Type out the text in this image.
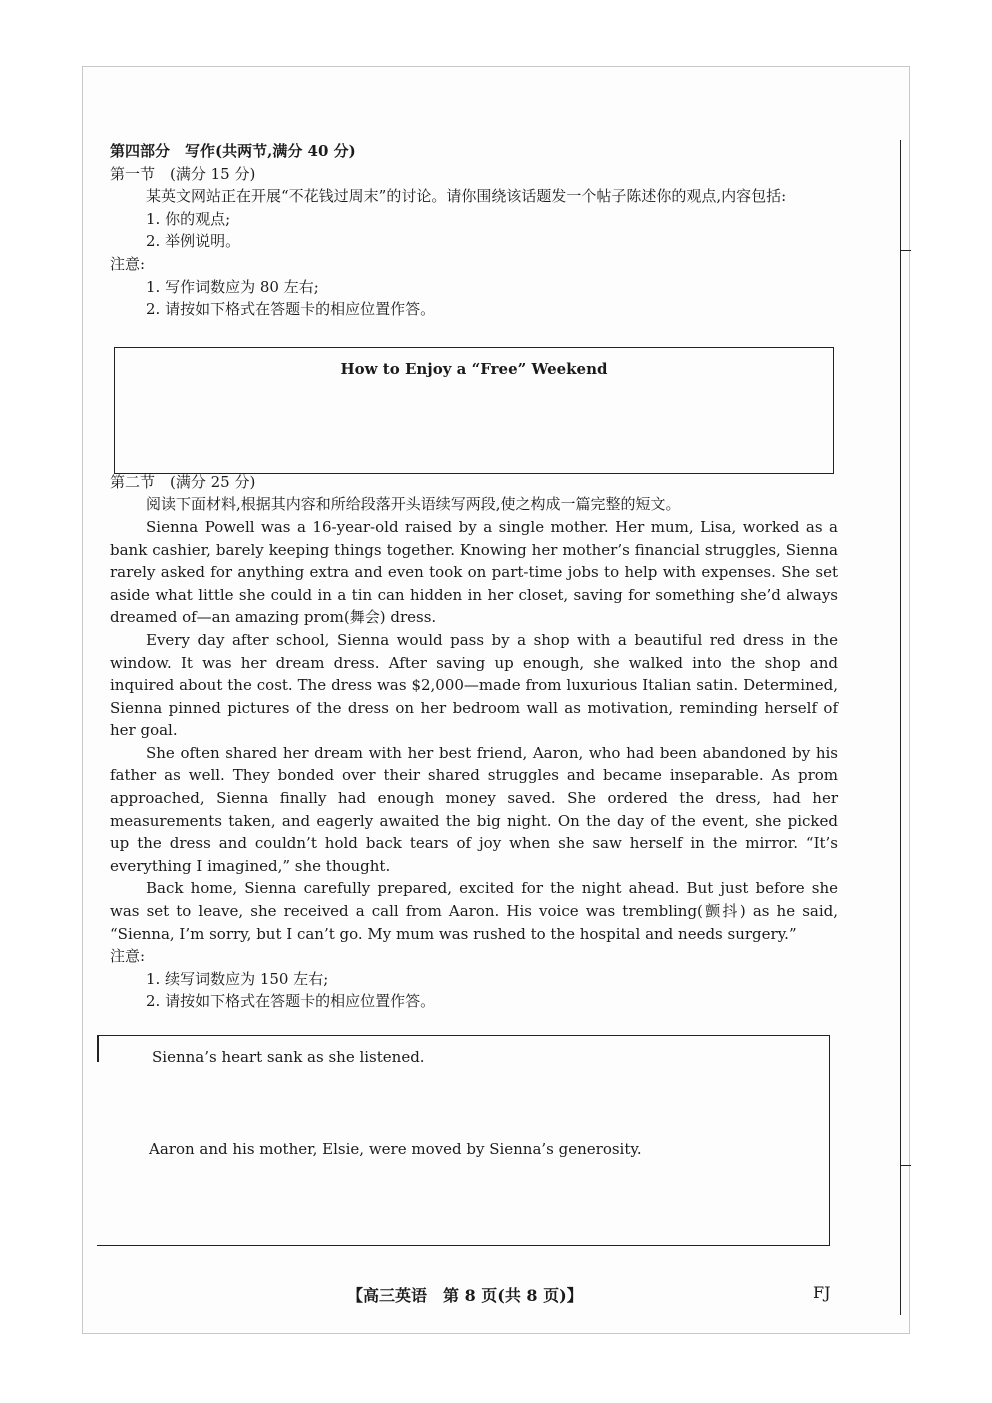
第四部分　写作(共两节,满分 40 分)

第一节　(满分 15 分)

某英文网站正在开展“不花钱过周末”的讨论。请你围绕该话题发一个帖子陈述你的观点,内容包括:

1. 你的观点;

2. 举例说明。

注意:

1. 写作词数应为 80 左右;

2. 请按如下格式在答题卡的相应位置作答。

第二节　(满分 25 分)

阅读下面材料,根据其内容和所给段落开头语续写两段,使之构成一篇完整的短文。

Sienna Powell was a 16-year-old raised by a single mother. Her mum, Lisa, worked as a bank cashier, barely keeping things together. Knowing her mother’s financial struggles, Sienna rarely asked for anything extra and even took on part-time jobs to help with expenses. She set aside what little she could in a tin can hidden in her closet, saving for something she’d always dreamed of—an amazing prom(舞会) dress.

Every day after school, Sienna would pass by a shop with a beautiful red dress in the window. It was her dream dress. After saving up enough, she walked into the shop and inquired about the cost. The dress was $2,000—made from luxurious Italian satin. Determined, Sienna pinned pictures of the dress on her bedroom wall as motivation, reminding herself of her goal.

She often shared her dream with her best friend, Aaron, who had been abandoned by his father as well. They bonded over their shared struggles and became inseparable. As prom approached, Sienna finally had enough money saved. She ordered the dress, had her measurements taken, and eagerly awaited the big night. On the day of the event, she picked up the dress and couldn’t hold back tears of joy when she saw herself in the mirror. “It’s everything I imagined,” she thought.

Back home, Sienna carefully prepared, excited for the night ahead. But just before she was set to leave, she received a call from Aaron. His voice was trembling(颤抖) as he said, “Sienna, I’m sorry, but I can’t go. My mum was rushed to the hospital and needs surgery.”

注意:

1. 续写词数应为 150 左右;

2. 请按如下格式在答题卡的相应位置作答。

How to Enjoy a “Free” Weekend
Sienna’s heart sank as she listened.
Aaron and his mother, Elsie, were moved by Sienna’s generosity.
【高三英语　第 8 页(共 8 页)】	FJ
